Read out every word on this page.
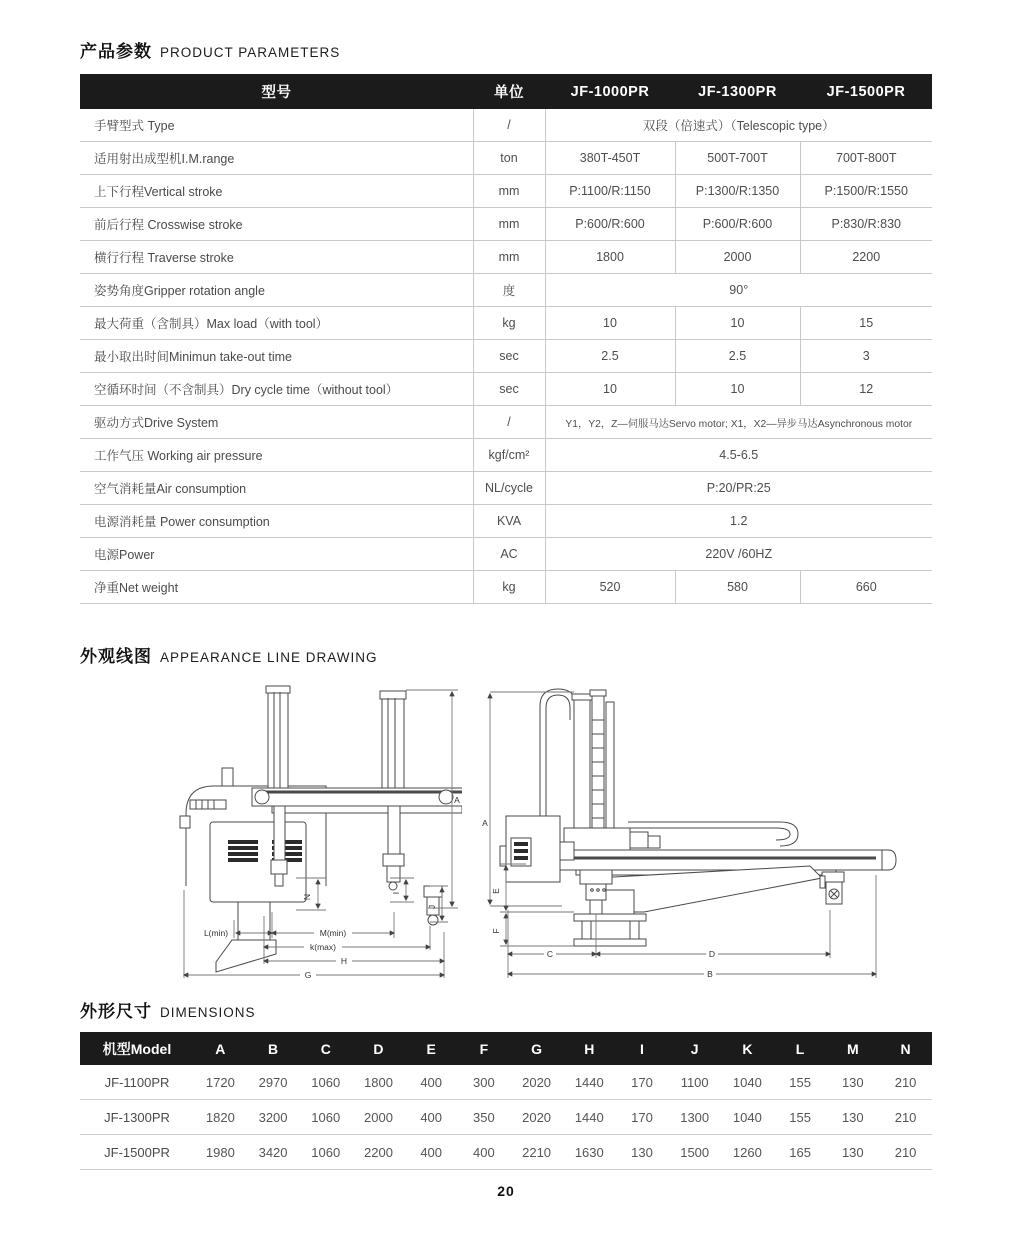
产品参数 PRODUCT PARAMETERS
型号	单位	JF-1000PR	JF-1300PR	JF-1500PR
手臂型式 Type	/	双段（倍速式）（Telescopic type）		
适用射出成型机I.M.range	ton	380T-450T	500T-700T	700T-800T
上下行程Vertical stroke	mm	P:1100/R:1150	P:1300/R:1350	P:1500/R:1550
前后行程 Crosswise stroke	mm	P:600/R:600	P:600/R:600	P:830/R:830
横行行程 Traverse stroke	mm	1800	2000	2200
姿势角度Gripper rotation angle	度	90°		
最大荷重（含制具）Max load（with tool）	kg	10	10	15
最小取出时间Minimun take-out time	sec	2.5	2.5	3
空循环时间（不含制具）Dry cycle time（without tool）	sec	10	10	12
驱动方式Drive System	/	Y1，Y2，Z—伺服马达Servo motor; X1，X2—异步马达Asynchronous motor		
工作气压 Working air pressure	kgf/cm²	4.5-6.5		
空气消耗量Air consumption	NL/cycle	P:20/PR:25		
电源消耗量 Power consumption	KVA	1.2		
电源Power	AC	220V /60HZ		
净重Net weight	kg	520	580	660
外观线图 APPEARANCE LINE DRAWING
A
N
I
J
L(min)	M(min)
k(max)
H
G
A
E
F
C	D
B
外形尺寸 DIMENSIONS
机型Model	A	B	C	D	E	F	G	H	I	J	K	L	M	N
JF-1100PR	1720	2970	1060	1800	400	300	2020	1440	170	1100	1040	155	130	210
JF-1300PR	1820	3200	1060	2000	400	350	2020	1440	170	1300	1040	155	130	210
JF-1500PR	1980	3420	1060	2200	400	400	2210	1630	130	1500	1260	165	130	210
20
